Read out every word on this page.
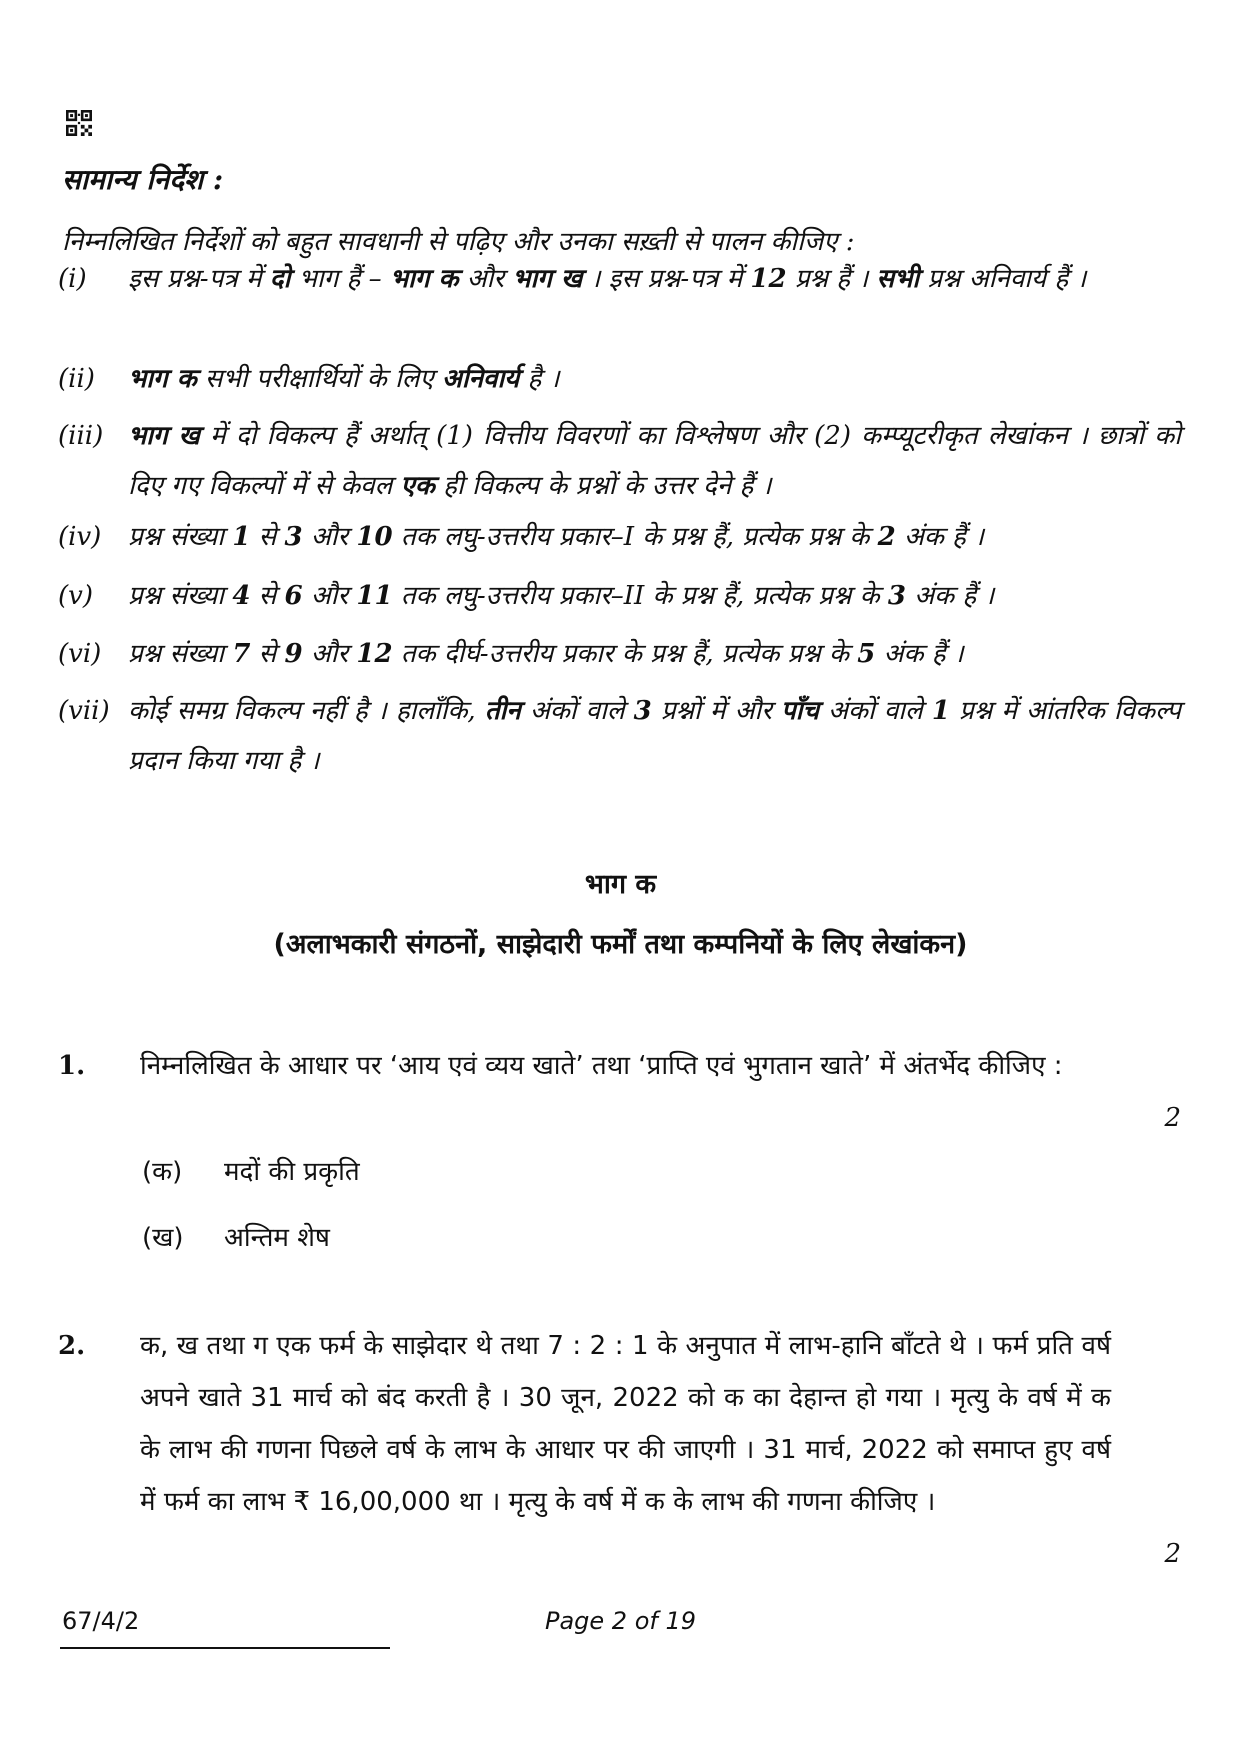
सामान्य निर्देश :
निम्नलिखित निर्देशों को बहुत सावधानी से पढ़िए और उनका सख़्ती से पालन कीजिए :
(i)	इस प्रश्न-पत्र में दो भाग हैं – भाग क और भाग ख । इस प्रश्न-पत्र में 12 प्रश्न हैं । सभी प्रश्न अनिवार्य हैं ।
(ii)	भाग क सभी परीक्षार्थियों के लिए अनिवार्य है ।
(iii) भाग ख में दो विकल्प हैं अर्थात् (1) वित्तीय विवरणों का विश्लेषण और (2) कम्प्यूटरीकृत लेखांकन । छात्रों को दिए गए विकल्पों में से केवल एक ही विकल्प के प्रश्नों के उत्तर देने हैं ।
(iv)	प्रश्न संख्या 1 से 3 और 10 तक लघु-उत्तरीय प्रकार–I के प्रश्न हैं, प्रत्येक प्रश्न के 2 अंक हैं ।
(v)	प्रश्न संख्या 4 से 6 और 11 तक लघु-उत्तरीय प्रकार–II के प्रश्न हैं, प्रत्येक प्रश्न के 3 अंक हैं ।
(vi)	प्रश्न संख्या 7 से 9 और 12 तक दीर्घ-उत्तरीय प्रकार के प्रश्न हैं, प्रत्येक प्रश्न के 5 अंक हैं ।
(vii) कोई समग्र विकल्प नहीं है । हालाँकि, तीन अंकों वाले 3 प्रश्नों में और पाँच अंकों वाले 1 प्रश्न में आंतरिक विकल्प प्रदान किया गया है ।
भाग क
(अलाभकारी संगठनों, साझेदारी फर्मों तथा कम्पनियों के लिए लेखांकन)
1. निम्नलिखित के आधार पर ‘आय एवं व्यय खाते’ तथा ‘प्राप्ति एवं भुगतान खाते’ में अंतर्भेद कीजिए :
2
(क) मदों की प्रकृति
(ख) अन्तिम शेष
2. क, ख तथा ग एक फर्म के साझेदार थे तथा 7 : 2 : 1 के अनुपात में लाभ-हानि बाँटते थे । फर्म प्रति वर्ष अपने खाते 31 मार्च को बंद करती है । 30 जून, 2022 को क का देहान्त हो गया । मृत्यु के वर्ष में क के लाभ की गणना पिछले वर्ष के लाभ के आधार पर की जाएगी । 31 मार्च, 2022 को समाप्त हुए वर्ष में फर्म का लाभ ₹ 16,00,000 था । मृत्यु के वर्ष में क के लाभ की गणना कीजिए ।
2
67/4/2	Page 2 of 19
